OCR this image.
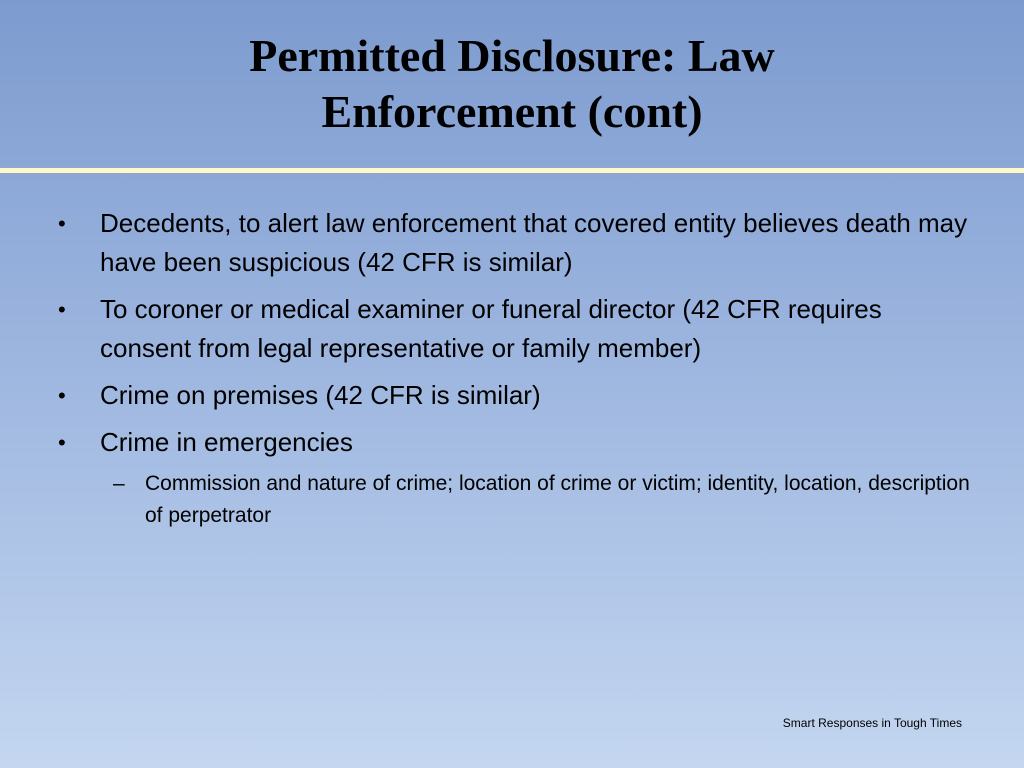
Permitted Disclosure: Law
Enforcement (cont)
•	Decedents, to alert law enforcement that covered entity believes death may have been suspicious (42 CFR is similar)
•	To coroner or medical examiner or funeral director (42 CFR requires consent from legal representative or family member)
•	Crime on premises (42 CFR is similar)
•	Crime in emergencies
– Commission and nature of crime; location of crime or victim; identity, location, description of perpetrator
Smart Responses in Tough Times
